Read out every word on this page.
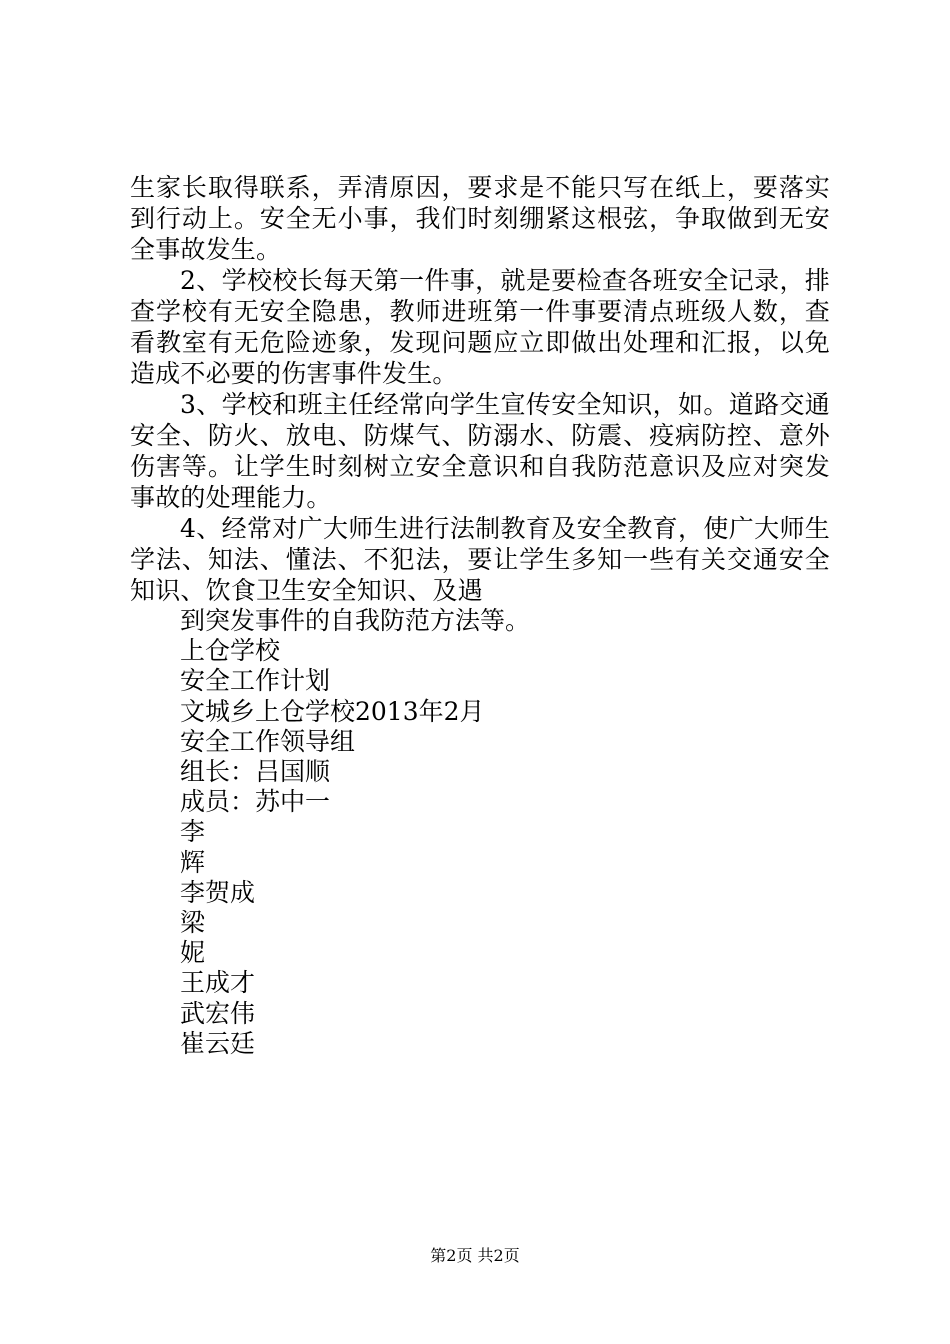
生家长取得联系，弄清原因，要求是不能只写在纸上，要落实到行动上。安全无小事，我们时刻绷紧这根弦，争取做到无安全事故发生。

2、学校校长每天第一件事，就是要检查各班安全记录，排查学校有无安全隐患，教师进班第一件事要清点班级人数，查看教室有无危险迹象，发现问题应立即做出处理和汇报，以免造成不必要的伤害事件发生。

3、学校和班主任经常向学生宣传安全知识，如。道路交通安全、防火、放电、防煤气、防溺水、防震、疫病防控、意外伤害等。让学生时刻树立安全意识和自我防范意识及应对突发事故的处理能力。

4、经常对广大师生进行法制教育及安全教育，使广大师生学法、知法、懂法、不犯法，要让学生多知一些有关交通安全知识、饮食卫生安全知识、及遇

到突发事件的自我防范方法等。
上仓学校
安全工作计划
文城乡上仓学校2013年2月
安全工作领导组
组长：吕国顺
成员：苏中一
李
辉
李贺成
梁
妮
王成才
武宏伟
崔云廷
第2页 共2页
